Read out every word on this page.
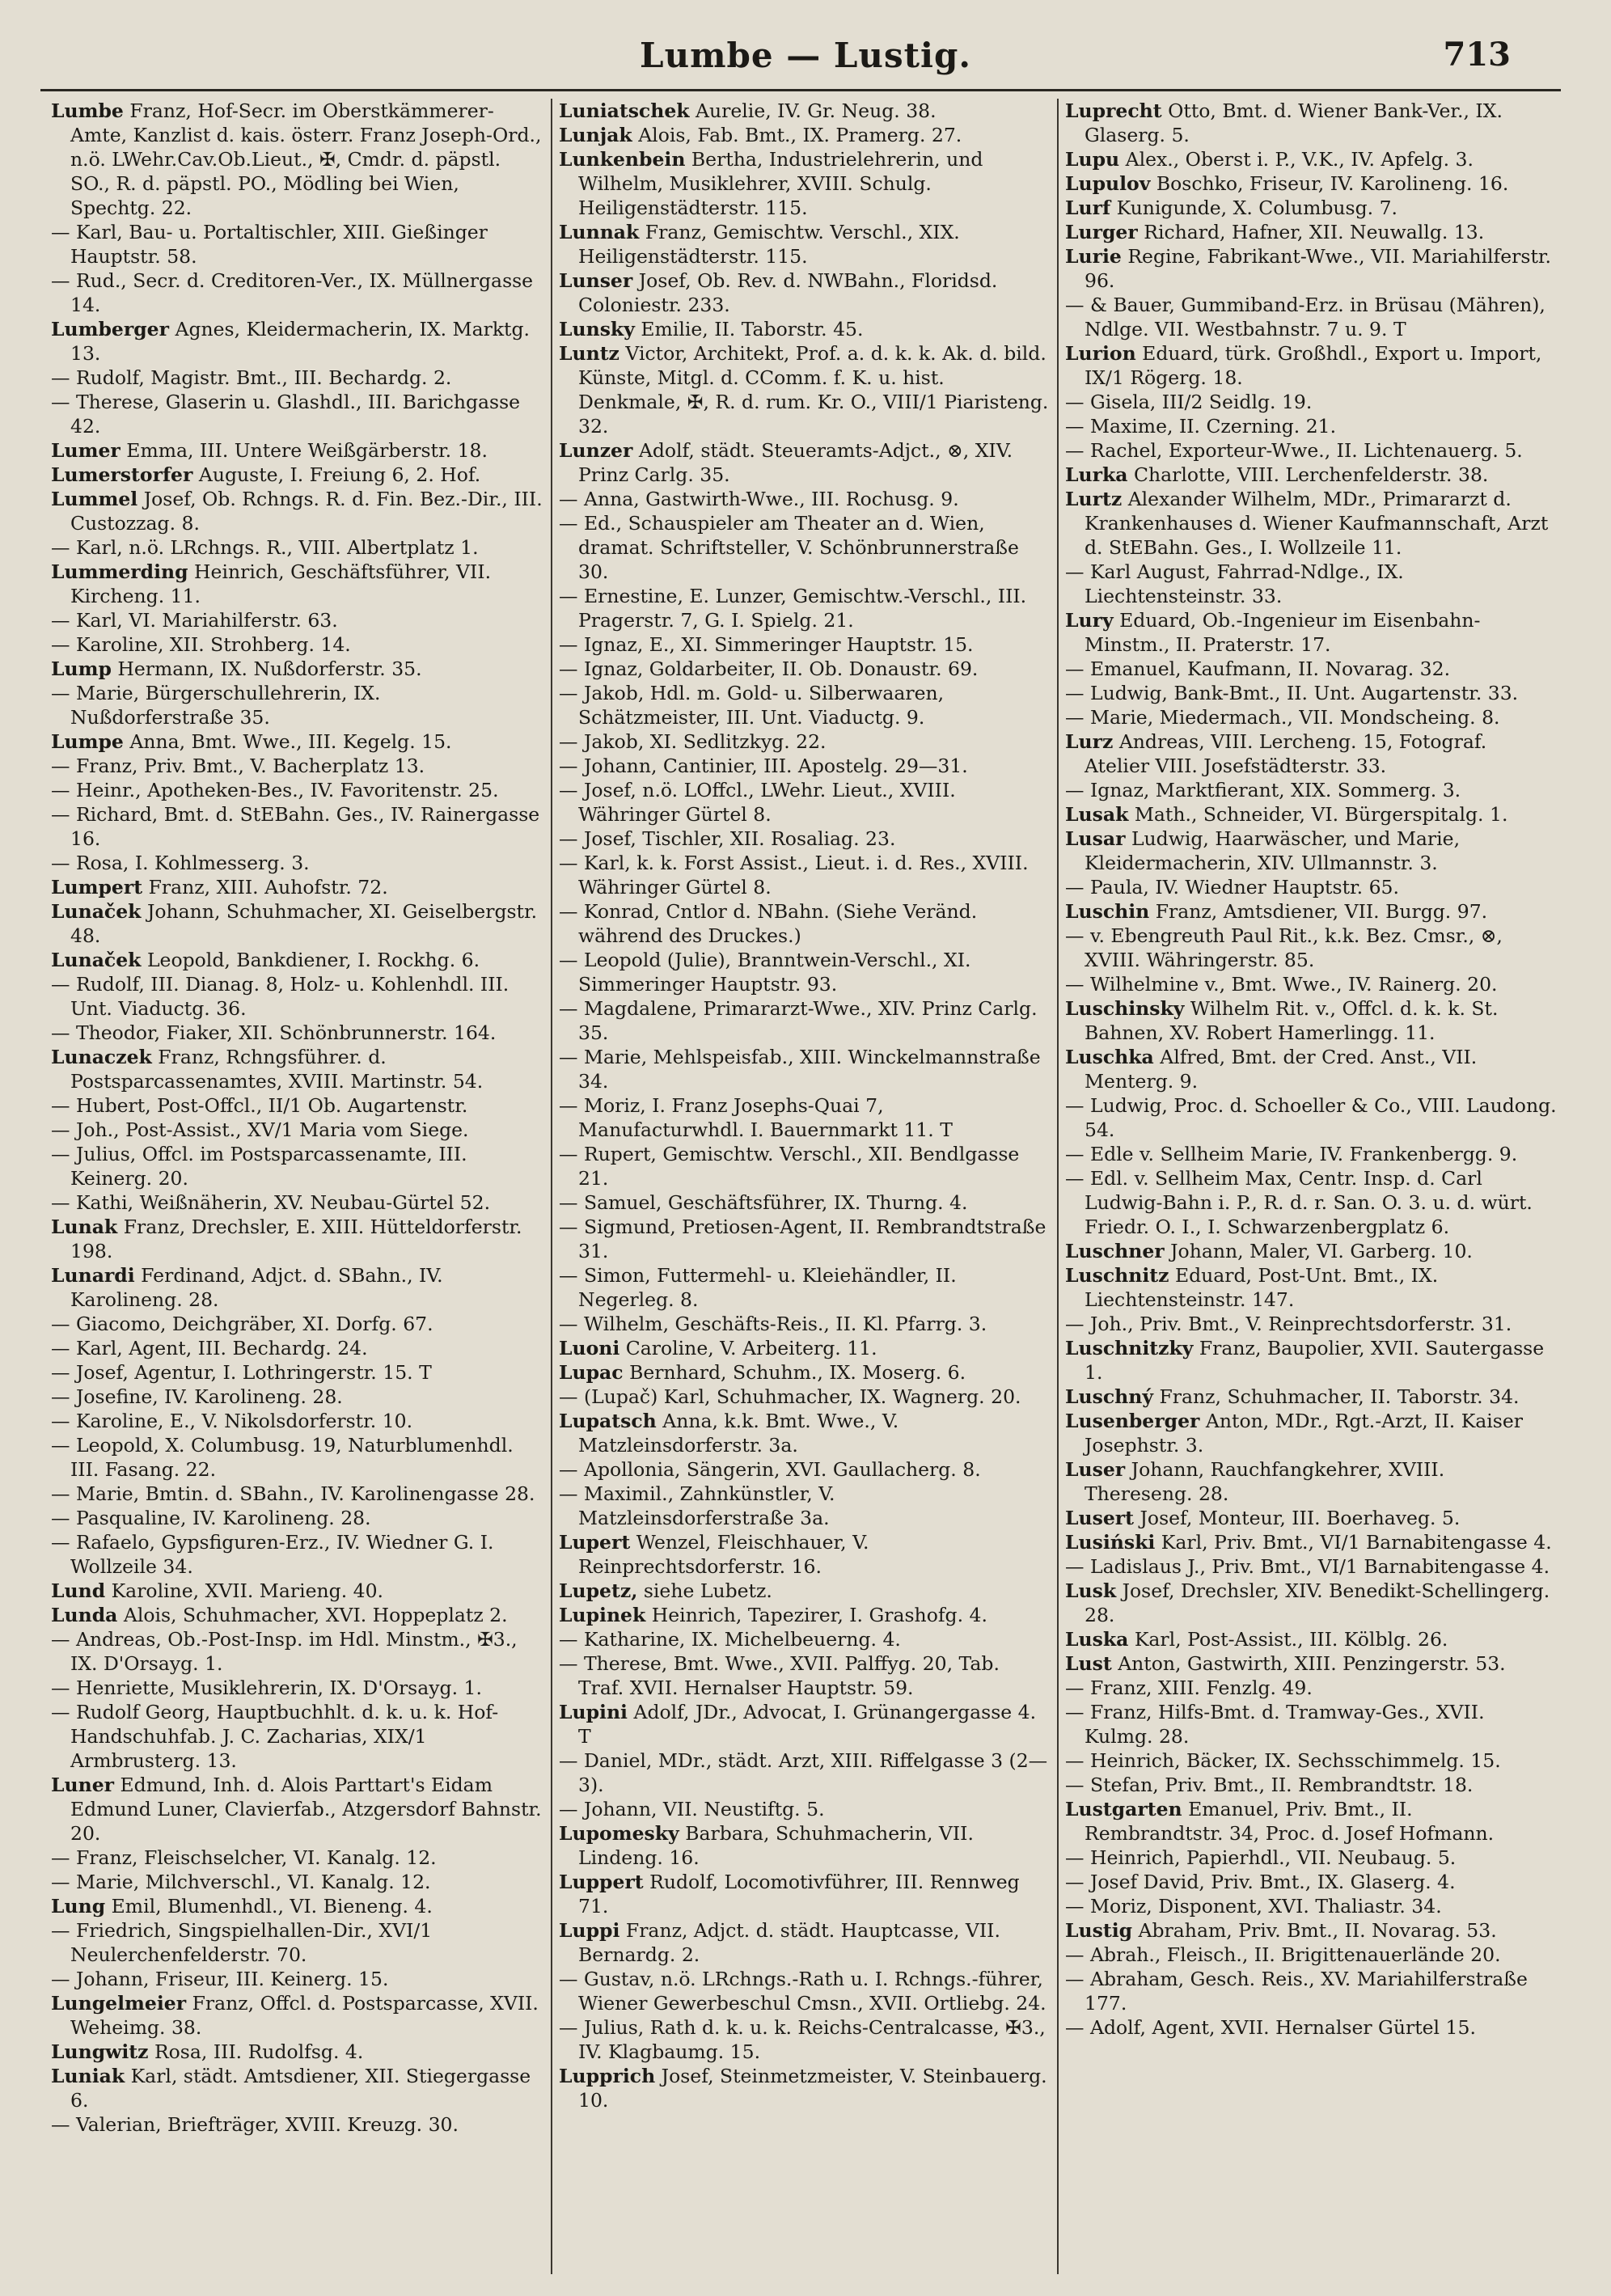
Lumbe — Lustig.	713

Lumbe Franz, Hof-Secr. im Oberstkämmerer-Amte, Kanzlist d. kais. österr. Franz Joseph-Ord., n.ö. LWehr.Cav.Ob.Lieut., ✠, Cmdr. d. päpstl. SO., R. d. päpstl. PO., Mödling bei Wien, Spechtg. 22.

— Karl, Bau- u. Portaltischler, XIII. Gießinger Hauptstr. 58.

— Rud., Secr. d. Creditoren-Ver., IX. Müllnergasse 14.

Lumberger Agnes, Kleidermacherin, IX. Marktg. 13.

— Rudolf, Magistr. Bmt., III. Bechardg. 2.

— Therese, Glaserin u. Glashdl., III. Barichgasse 42.

Lumer Emma, III. Untere Weißgärberstr. 18.

Lumerstorfer Auguste, I. Freiung 6, 2. Hof.

Lummel Josef, Ob. Rchngs. R. d. Fin. Bez.-Dir., III. Custozzag. 8.

— Karl, n.ö. LRchngs. R., VIII. Albertplatz 1.

Lummerding Heinrich, Geschäftsführer, VII. Kircheng. 11.

— Karl, VI. Mariahilferstr. 63.

— Karoline, XII. Strohberg. 14.

Lump Hermann, IX. Nußdorferstr. 35.

— Marie, Bürgerschullehrerin, IX. Nußdorferstraße 35.

Lumpe Anna, Bmt. Wwe., III. Kegelg. 15.

— Franz, Priv. Bmt., V. Bacherplatz 13.

— Heinr., Apotheken-Bes., IV. Favoritenstr. 25.

— Richard, Bmt. d. StEBahn. Ges., IV. Rainergasse 16.

— Rosa, I. Kohlmesserg. 3.

Lumpert Franz, XIII. Auhofstr. 72.

Lunaček Johann, Schuhmacher, XI. Geiselbergstr. 48.

Lunaček Leopold, Bankdiener, I. Rockhg. 6.

— Rudolf, III. Dianag. 8, Holz- u. Kohlenhdl. III. Unt. Viaductg. 36.

— Theodor, Fiaker, XII. Schönbrunnerstr. 164.

Lunaczek Franz, Rchngsführer. d. Postsparcassenamtes, XVIII. Martinstr. 54.

— Hubert, Post-Offcl., II/1 Ob. Augartenstr.

— Joh., Post-Assist., XV/1 Maria vom Siege.

— Julius, Offcl. im Postsparcassenamte, III. Keinerg. 20.

— Kathi, Weißnäherin, XV. Neubau-Gürtel 52.

Lunak Franz, Drechsler, E. XIII. Hütteldorferstr. 198.

Lunardi Ferdinand, Adjct. d. SBahn., IV. Karolineng. 28.

— Giacomo, Deichgräber, XI. Dorfg. 67.

— Karl, Agent, III. Bechardg. 24.

— Josef, Agentur, I. Lothringerstr. 15. T

— Josefine, IV. Karolineng. 28.

— Karoline, E., V. Nikolsdorferstr. 10.

— Leopold, X. Columbusg. 19, Naturblumenhdl. III. Fasang. 22.

— Marie, Bmtin. d. SBahn., IV. Karolinengasse 28.

— Pasqualine, IV. Karolineng. 28.

— Rafaelo, Gypsfiguren-Erz., IV. Wiedner G. I. Wollzeile 34.

Lund Karoline, XVII. Marieng. 40.

Lunda Alois, Schuhmacher, XVI. Hoppeplatz 2.

— Andreas, Ob.-Post-Insp. im Hdl. Minstm., ✠3., IX. D'Orsayg. 1.

— Henriette, Musiklehrerin, IX. D'Orsayg. 1.

— Rudolf Georg, Hauptbuchhlt. d. k. u. k. Hof-Handschuhfab. J. C. Zacharias, XIX/1 Armbrusterg. 13.

Luner Edmund, Inh. d. Alois Parttart's Eidam Edmund Luner, Clavierfab., Atzgersdorf Bahnstr. 20.

— Franz, Fleischselcher, VI. Kanalg. 12.

— Marie, Milchverschl., VI. Kanalg. 12.

Lung Emil, Blumenhdl., VI. Bieneng. 4.

— Friedrich, Singspielhallen-Dir., XVI/1 Neulerchenfelderstr. 70.

— Johann, Friseur, III. Keinerg. 15.

Lungelmeier Franz, Offcl. d. Postsparcasse, XVII. Weheimg. 38.

Lungwitz Rosa, III. Rudolfsg. 4.

Luniak Karl, städt. Amtsdiener, XII. Stiegergasse 6.

— Valerian, Briefträger, XVIII. Kreuzg. 30.

Luniatschek Aurelie, IV. Gr. Neug. 38.

Lunjak Alois, Fab. Bmt., IX. Pramerg. 27.

Lunkenbein Bertha, Industrielehrerin, und Wilhelm, Musiklehrer, XVIII. Schulg. Heiligenstädterstr. 115.

Lunnak Franz, Gemischtw. Verschl., XIX. Heiligenstädterstr. 115.

Lunser Josef, Ob. Rev. d. NWBahn., Floridsd. Coloniestr. 233.

Lunsky Emilie, II. Taborstr. 45.

Luntz Victor, Architekt, Prof. a. d. k. k. Ak. d. bild. Künste, Mitgl. d. CComm. f. K. u. hist. Denkmale, ✠, R. d. rum. Kr. O., VIII/1 Piaristeng. 32.

Lunzer Adolf, städt. Steueramts-Adjct., ⊗, XIV. Prinz Carlg. 35.

— Anna, Gastwirth-Wwe., III. Rochusg. 9.

— Ed., Schauspieler am Theater an d. Wien, dramat. Schriftsteller, V. Schönbrunnerstraße 30.

— Ernestine, E. Lunzer, Gemischtw.-Verschl., III. Pragerstr. 7, G. I. Spielg. 21.

— Ignaz, E., XI. Simmeringer Hauptstr. 15.

— Ignaz, Goldarbeiter, II. Ob. Donaustr. 69.

— Jakob, Hdl. m. Gold- u. Silberwaaren, Schätzmeister, III. Unt. Viaductg. 9.

— Jakob, XI. Sedlitzkyg. 22.

— Johann, Cantinier, III. Apostelg. 29—31.

— Josef, n.ö. LOffcl., LWehr. Lieut., XVIII. Währinger Gürtel 8.

— Josef, Tischler, XII. Rosaliag. 23.

— Karl, k. k. Forst Assist., Lieut. i. d. Res., XVIII. Währinger Gürtel 8.

— Konrad, Cntlor d. NBahn. (Siehe Veränd. während des Druckes.)

— Leopold (Julie), Branntwein-Verschl., XI. Simmeringer Hauptstr. 93.

— Magdalene, Primararzt-Wwe., XIV. Prinz Carlg. 35.

— Marie, Mehlspeisfab., XIII. Winckelmannstraße 34.

— Moriz, I. Franz Josephs-Quai 7, Manufacturwhdl. I. Bauernmarkt 11. T

— Rupert, Gemischtw. Verschl., XII. Bendlgasse 21.

— Samuel, Geschäftsführer, IX. Thurng. 4.

— Sigmund, Pretiosen-Agent, II. Rembrandtstraße 31.

— Simon, Futtermehl- u. Kleiehändler, II. Negerleg. 8.

— Wilhelm, Geschäfts-Reis., II. Kl. Pfarrg. 3.

Luoni Caroline, V. Arbeiterg. 11.

Lupac Bernhard, Schuhm., IX. Moserg. 6.

— (Lupač) Karl, Schuhmacher, IX. Wagnerg. 20.

Lupatsch Anna, k.k. Bmt. Wwe., V. Matzleinsdorferstr. 3a.

— Apollonia, Sängerin, XVI. Gaullacherg. 8.

— Maximil., Zahnkünstler, V. Matzleinsdorferstraße 3a.

Lupert Wenzel, Fleischhauer, V. Reinprechtsdorferstr. 16.

Lupetz, siehe Lubetz.

Lupinek Heinrich, Tapezirer, I. Grashofg. 4.

— Katharine, IX. Michelbeuerng. 4.

— Therese, Bmt. Wwe., XVII. Palffyg. 20, Tab. Traf. XVII. Hernalser Hauptstr. 59.

Lupini Adolf, JDr., Advocat, I. Grünangergasse 4. T

— Daniel, MDr., städt. Arzt, XIII. Riffelgasse 3 (2—3).

— Johann, VII. Neustiftg. 5.

Lupomesky Barbara, Schuhmacherin, VII. Lindeng. 16.

Luppert Rudolf, Locomotivführer, III. Rennweg 71.

Luppi Franz, Adjct. d. städt. Hauptcasse, VII. Bernardg. 2.

— Gustav, n.ö. LRchngs.-Rath u. I. Rchngs.-führer, Wiener Gewerbeschul Cmsn., XVII. Ortliebg. 24.

— Julius, Rath d. k. u. k. Reichs-Centralcasse, ✠3., IV. Klagbaumg. 15.

Lupprich Josef, Steinmetzmeister, V. Steinbauerg. 10.

Luprecht Otto, Bmt. d. Wiener Bank-Ver., IX. Glaserg. 5.

Lupu Alex., Oberst i. P., V.K., IV. Apfelg. 3.

Lupulov Boschko, Friseur, IV. Karolineng. 16.

Lurf Kunigunde, X. Columbusg. 7.

Lurger Richard, Hafner, XII. Neuwallg. 13.

Lurie Regine, Fabrikant-Wwe., VII. Mariahilferstr. 96.

— & Bauer, Gummiband-Erz. in Brüsau (Mähren), Ndlge. VII. Westbahnstr. 7 u. 9. T

Lurion Eduard, türk. Großhdl., Export u. Import, IX/1 Rögerg. 18.

— Gisela, III/2 Seidlg. 19.

— Maxime, II. Czerning. 21.

— Rachel, Exporteur-Wwe., II. Lichtenauerg. 5.

Lurka Charlotte, VIII. Lerchenfelderstr. 38.

Lurtz Alexander Wilhelm, MDr., Primararzt d. Krankenhauses d. Wiener Kaufmannschaft, Arzt d. StEBahn. Ges., I. Wollzeile 11.

— Karl August, Fahrrad-Ndlge., IX. Liechtensteinstr. 33.

Lury Eduard, Ob.-Ingenieur im Eisenbahn-Minstm., II. Praterstr. 17.

— Emanuel, Kaufmann, II. Novarag. 32.

— Ludwig, Bank-Bmt., II. Unt. Augartenstr. 33.

— Marie, Miedermach., VII. Mondscheing. 8.

Lurz Andreas, VIII. Lercheng. 15, Fotograf. Atelier VIII. Josefstädterstr. 33.

— Ignaz, Marktfierant, XIX. Sommerg. 3.

Lusak Math., Schneider, VI. Bürgerspitalg. 1.

Lusar Ludwig, Haarwäscher, und Marie, Kleidermacherin, XIV. Ullmannstr. 3.

— Paula, IV. Wiedner Hauptstr. 65.

Luschin Franz, Amtsdiener, VII. Burgg. 97.

— v. Ebengreuth Paul Rit., k.k. Bez. Cmsr., ⊗, XVIII. Währingerstr. 85.

— Wilhelmine v., Bmt. Wwe., IV. Rainerg. 20.

Luschinsky Wilhelm Rit. v., Offcl. d. k. k. St. Bahnen, XV. Robert Hamerlingg. 11.

Luschka Alfred, Bmt. der Cred. Anst., VII. Menterg. 9.

— Ludwig, Proc. d. Schoeller & Co., VIII. Laudong. 54.

— Edle v. Sellheim Marie, IV. Frankenbergg. 9.

— Edl. v. Sellheim Max, Centr. Insp. d. Carl Ludwig-Bahn i. P., R. d. r. San. O. 3. u. d. würt. Friedr. O. I., I. Schwarzenbergplatz 6.

Luschner Johann, Maler, VI. Garberg. 10.

Luschnitz Eduard, Post-Unt. Bmt., IX. Liechtensteinstr. 147.

— Joh., Priv. Bmt., V. Reinprechtsdorferstr. 31.

Luschnitzky Franz, Baupolier, XVII. Sautergasse 1.

Luschný Franz, Schuhmacher, II. Taborstr. 34.

Lusenberger Anton, MDr., Rgt.-Arzt, II. Kaiser Josephstr. 3.

Luser Johann, Rauchfangkehrer, XVIII. Thereseng. 28.

Lusert Josef, Monteur, III. Boerhaveg. 5.

Lusiński Karl, Priv. Bmt., VI/1 Barnabitengasse 4.

— Ladislaus J., Priv. Bmt., VI/1 Barnabitengasse 4.

Lusk Josef, Drechsler, XIV. Benedikt-Schellingerg. 28.

Luska Karl, Post-Assist., III. Kölblg. 26.

Lust Anton, Gastwirth, XIII. Penzingerstr. 53.

— Franz, XIII. Fenzlg. 49.

— Franz, Hilfs-Bmt. d. Tramway-Ges., XVII. Kulmg. 28.

— Heinrich, Bäcker, IX. Sechsschimmelg. 15.

— Stefan, Priv. Bmt., II. Rembrandtstr. 18.

Lustgarten Emanuel, Priv. Bmt., II. Rembrandtstr. 34, Proc. d. Josef Hofmann.

— Heinrich, Papierhdl., VII. Neubaug. 5.

— Josef David, Priv. Bmt., IX. Glaserg. 4.

— Moriz, Disponent, XVI. Thaliastr. 34.

Lustig Abraham, Priv. Bmt., II. Novarag. 53.

— Abrah., Fleisch., II. Brigittenauerlände 20.

— Abraham, Gesch. Reis., XV. Mariahilferstraße 177.

— Adolf, Agent, XVII. Hernalser Gürtel 15.
